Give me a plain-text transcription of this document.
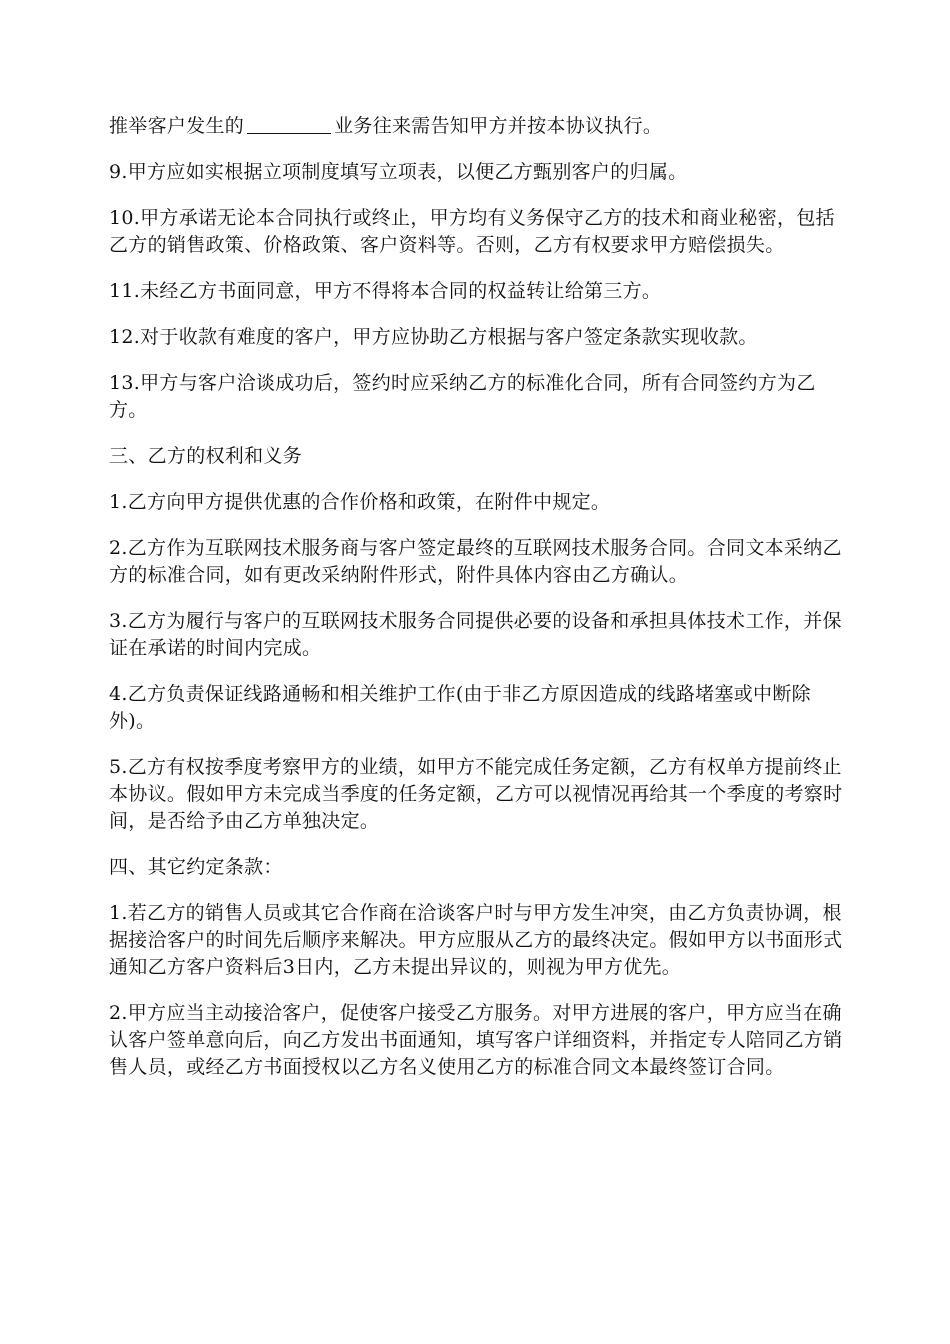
推举客户发生的	业务往来需告知甲方并按本协议执行。

9.甲方应如实根据立项制度填写立项表，以便乙方甄别客户的归属。

10.甲方承诺无论本合同执行或终止，甲方均有义务保守乙方的技术和商业秘密，包括乙方的销售政策、价格政策、客户资料等。否则，乙方有权要求甲方赔偿损失。

11.未经乙方书面同意，甲方不得将本合同的权益转让给第三方。

12.对于收款有难度的客户，甲方应协助乙方根据与客户签定条款实现收款。

13.甲方与客户洽谈成功后，签约时应采纳乙方的标准化合同，所有合同签约方为乙方。

三、乙方的权利和义务

1.乙方向甲方提供优惠的合作价格和政策，在附件中规定。

2.乙方作为互联网技术服务商与客户签定最终的互联网技术服务合同。合同文本采纳乙方的标准合同，如有更改采纳附件形式，附件具体内容由乙方确认。

3.乙方为履行与客户的互联网技术服务合同提供必要的设备和承担具体技术工作，并保证在承诺的时间内完成。

4.乙方负责保证线路通畅和相关维护工作(由于非乙方原因造成的线路堵塞或中断除外)。

5.乙方有权按季度考察甲方的业绩，如甲方不能完成任务定额，乙方有权单方提前终止本协议。假如甲方未完成当季度的任务定额，乙方可以视情况再给其一个季度的考察时间，是否给予由乙方单独决定。

四、其它约定条款：

1.若乙方的销售人员或其它合作商在洽谈客户时与甲方发生冲突，由乙方负责协调，根据接洽客户的时间先后顺序来解决。甲方应服从乙方的最终决定。假如甲方以书面形式通知乙方客户资料后3日内，乙方未提出异议的，则视为甲方优先。

2.甲方应当主动接洽客户，促使客户接受乙方服务。对甲方进展的客户，甲方应当在确认客户签单意向后，向乙方发出书面通知，填写客户详细资料，并指定专人陪同乙方销售人员，或经乙方书面授权以乙方名义使用乙方的标准合同文本最终签订合同。
